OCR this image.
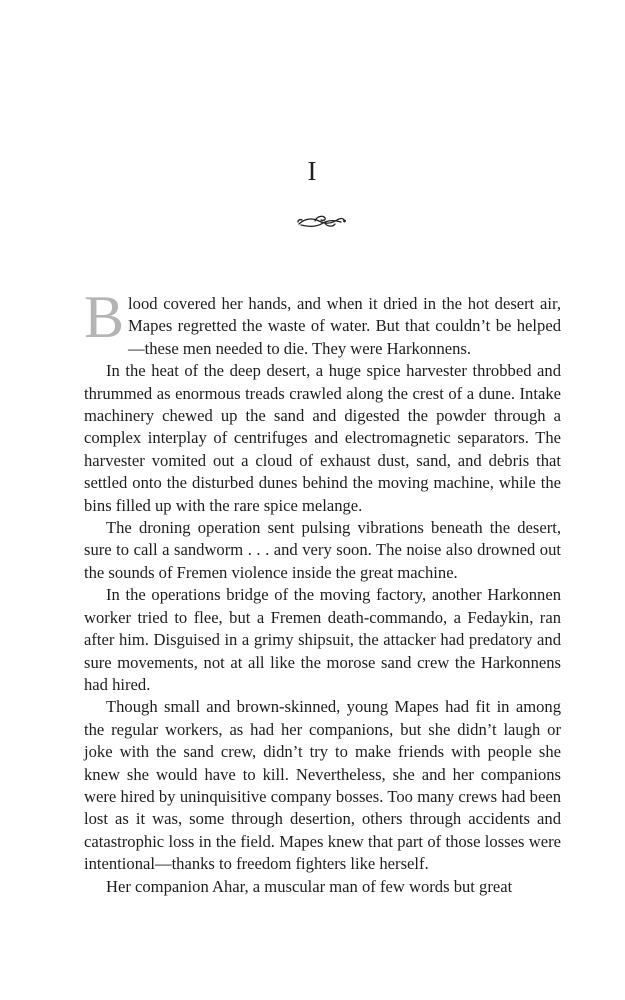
I

Blood covered her hands, and when it dried in the hot desert air, Mapes regretted the waste of water. But that couldn’t be helped—these men needed to die. They were Harkonnens.

In the heat of the deep desert, a huge spice harvester throbbed and thrummed as enormous treads crawled along the crest of a dune. Intake machinery chewed up the sand and digested the powder through a complex interplay of centrifuges and electromagnetic separators. The harvester vomited out a cloud of exhaust dust, sand, and debris that settled onto the disturbed dunes behind the moving machine, while the bins filled up with the rare spice melange.

The droning operation sent pulsing vibrations beneath the desert, sure to call a sandworm . . . and very soon. The noise also drowned out the sounds of Fremen violence inside the great machine.

In the operations bridge of the moving factory, another Harkonnen worker tried to flee, but a Fremen death-commando, a Fedaykin, ran after him. Disguised in a grimy shipsuit, the attacker had predatory and sure movements, not at all like the morose sand crew the Harkonnens had hired.

Though small and brown-skinned, young Mapes had fit in among the regular workers, as had her companions, but she didn’t laugh or joke with the sand crew, didn’t try to make friends with people she knew she would have to kill. Nevertheless, she and her companions were hired by uninquisitive company bosses. Too many crews had been lost as it was, some through desertion, others through accidents and catastrophic loss in the field. Mapes knew that part of those losses were intentional—thanks to freedom fighters like herself.

Her companion Ahar, a muscular man of few words but great
